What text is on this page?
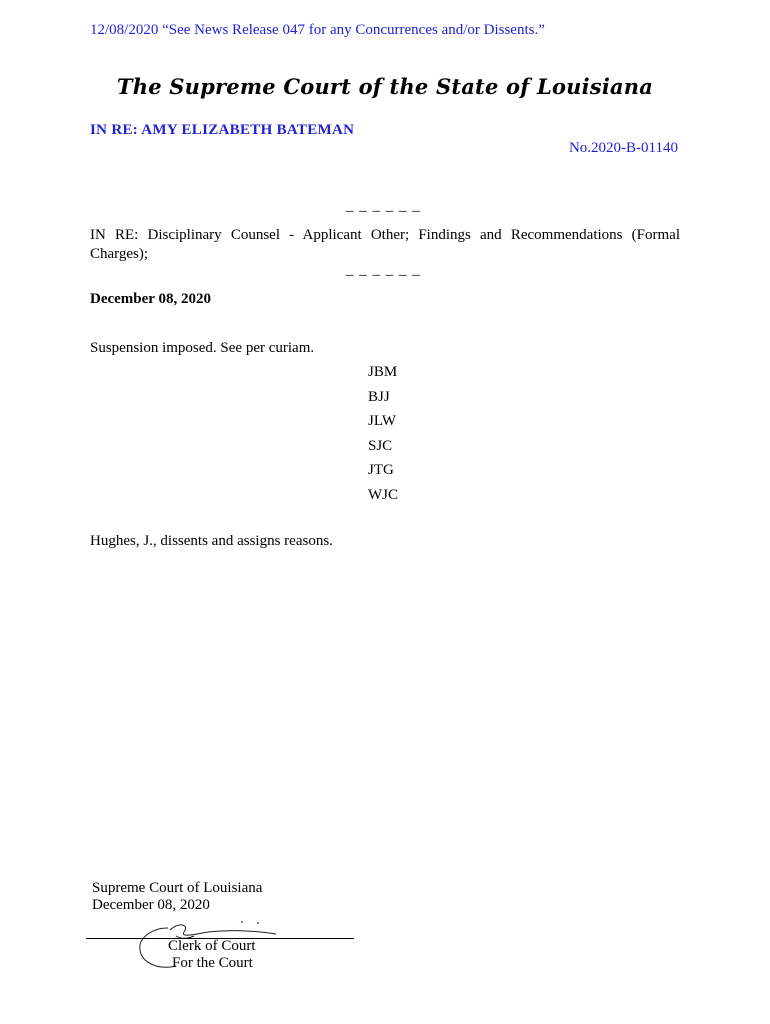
12/08/2020 “See News Release 047 for any Concurrences and/or Dissents.”
The Supreme Court of the State of Louisiana
IN RE: AMY ELIZABETH BATEMAN
No.2020-B-01140
_ _ _ _ _ _
IN RE: Disciplinary Counsel - Applicant Other; Findings and Recommendations (Formal Charges);
_ _ _ _ _ _
December 08, 2020
Suspension imposed. See per curiam.
JBM
BJJ
JLW
SJC
JTG
WJC
Hughes, J., dissents and assigns reasons.
Supreme Court of Louisiana
December 08, 2020
Clerk of Court
For the Court
